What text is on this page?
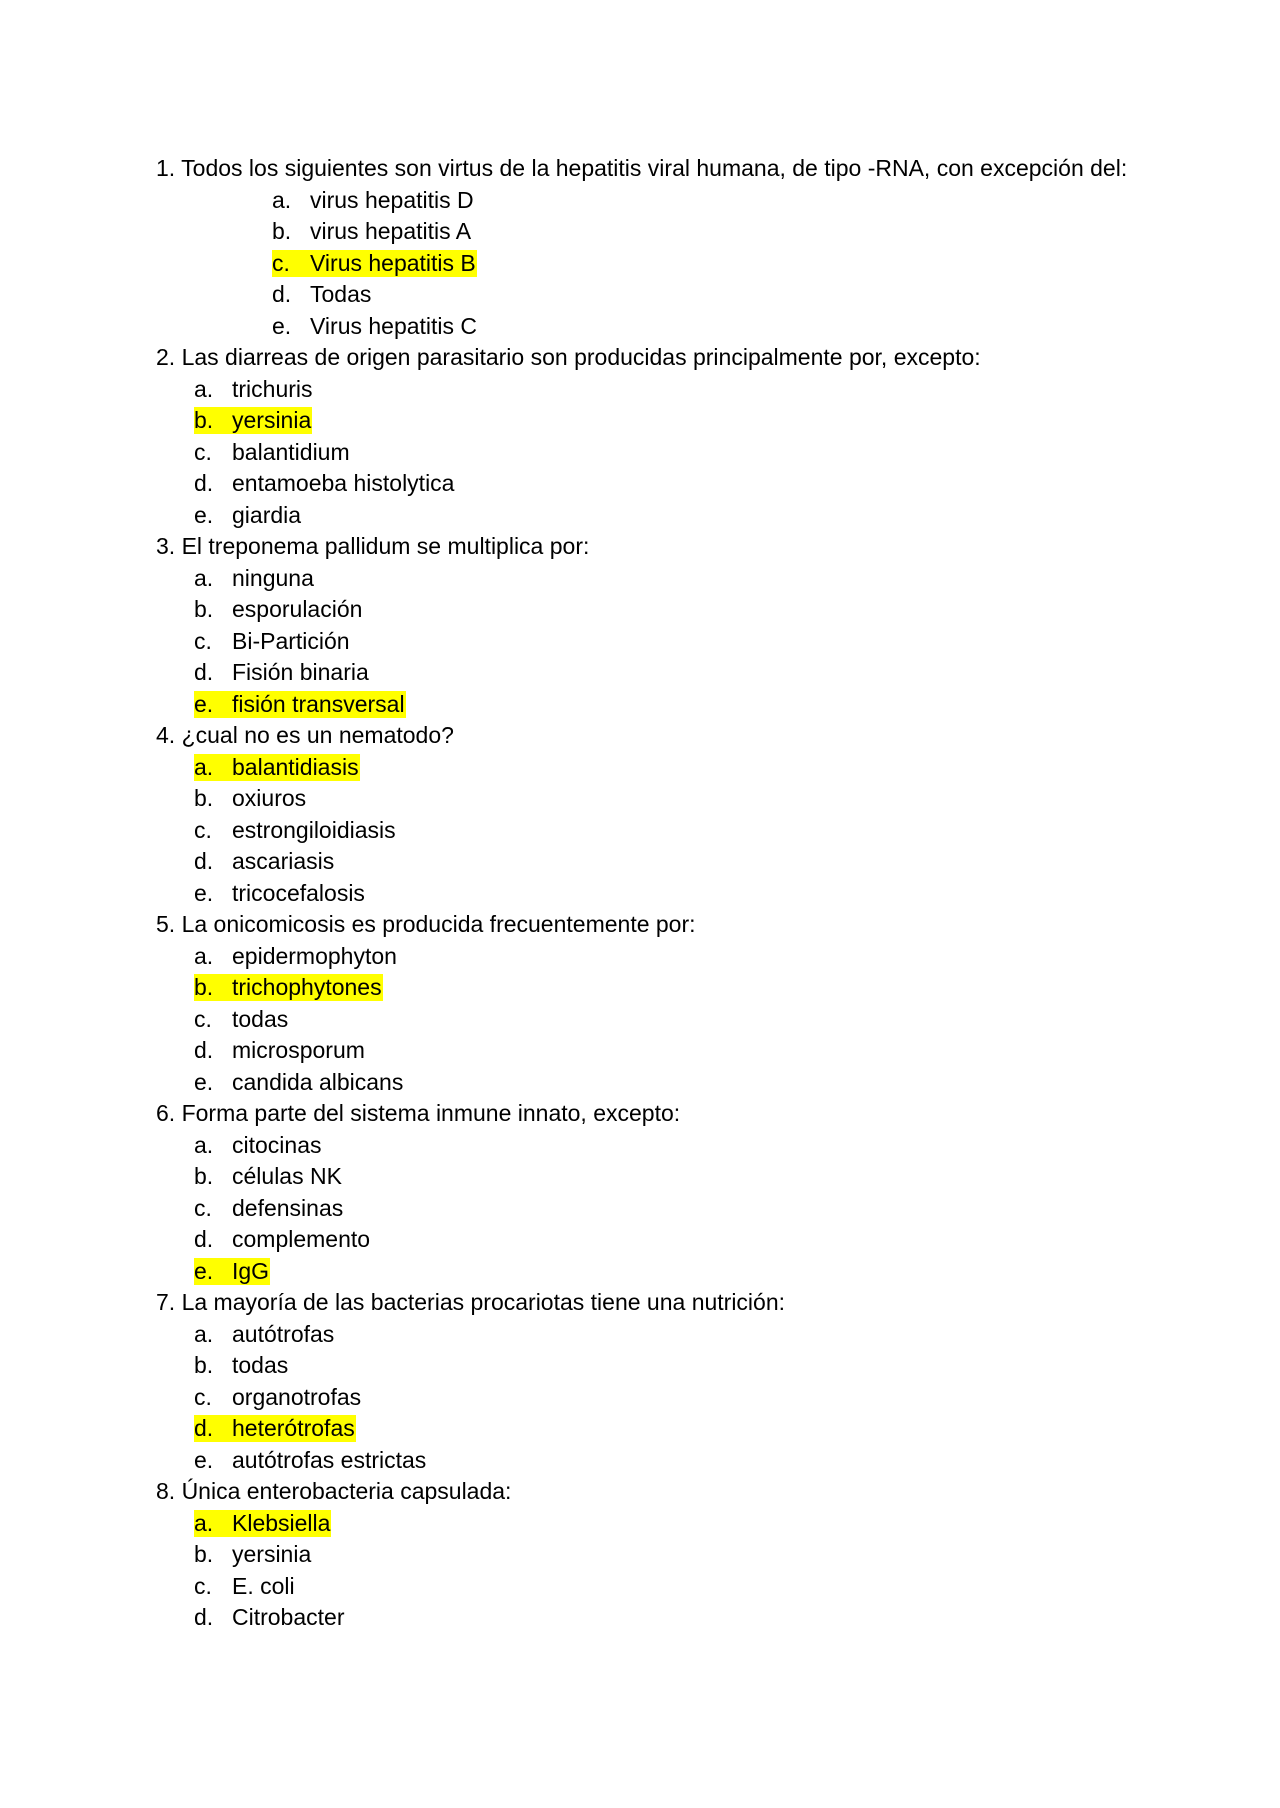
1. Todos los siguientes son virtus de la hepatitis viral humana, de tipo -RNA, con excepción del:
a. virus hepatitis D
b. virus hepatitis A
c. Virus hepatitis B
d. Todas
e. Virus hepatitis C
2. Las diarreas de origen parasitario son producidas principalmente por, excepto:
a. trichuris
b. yersinia
c. balantidium
d. entamoeba histolytica
e. giardia
3. El treponema pallidum se multiplica por:
a. ninguna
b. esporulación
c. Bi-Partición
d. Fisión binaria
e. fisión transversal
4. ¿cual no es un nematodo?
a. balantidiasis
b. oxiuros
c. estrongiloidiasis
d. ascariasis
e. tricocefalosis
5. La onicomicosis es producida frecuentemente por:
a. epidermophyton
b. trichophytones
c. todas
d. microsporum
e. candida albicans
6. Forma parte del sistema inmune innato, excepto:
a. citocinas
b. células NK
c. defensinas
d. complemento
e. IgG
7. La mayoría de las bacterias procariotas tiene una nutrición:
a. autótrofas
b. todas
c. organotrofas
d. heterótrofas
e. autótrofas estrictas
8. Única enterobacteria capsulada:
a. Klebsiella
b. yersinia
c. E. coli
d. Citrobacter
